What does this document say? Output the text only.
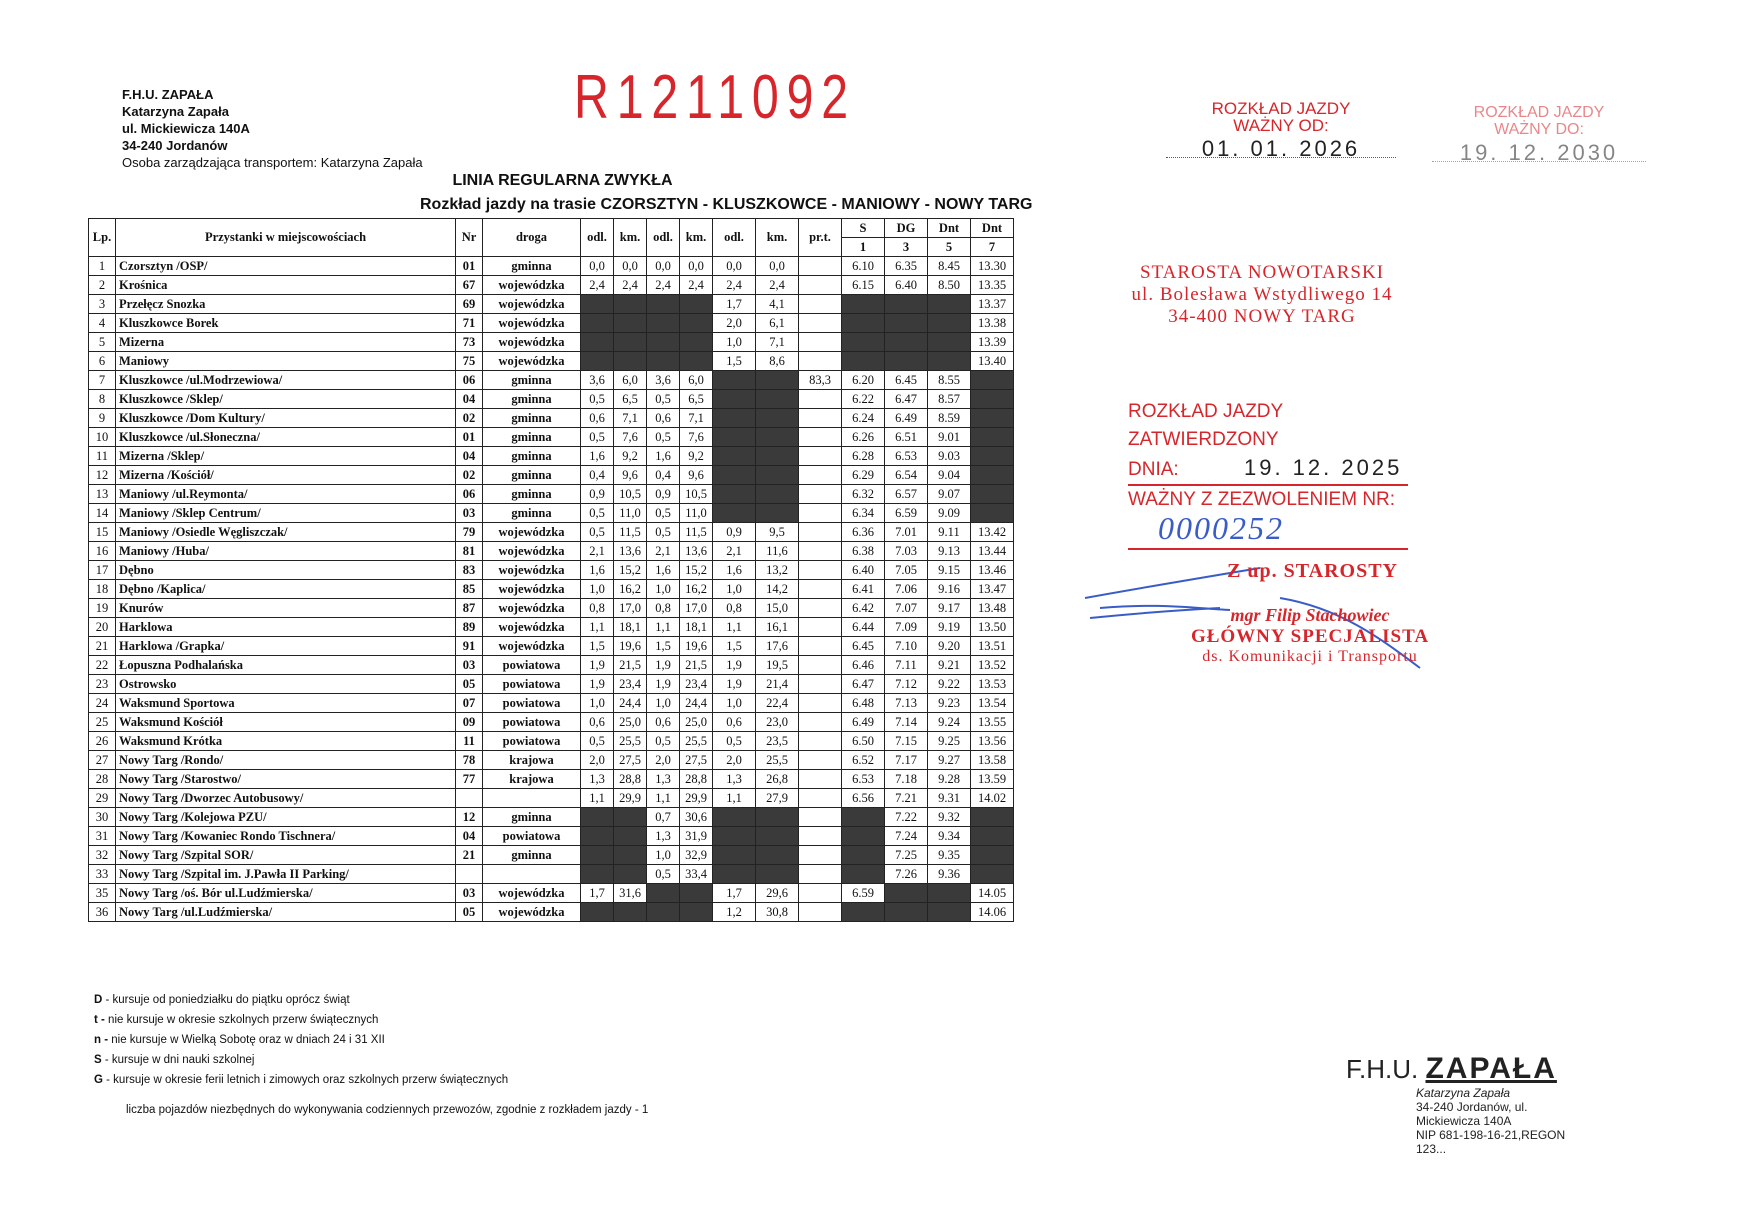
F.H.U. ZAPAŁA
Katarzyna Zapała
ul. Mickiewicza 140A
34-240 Jordanów
Osoba zarządzająca transportem: Katarzyna Zapała
R1211092
LINIA REGULARNA ZWYKŁA
Rozkład jazdy na trasie CZORSZTYN - KLUSZKOWCE - MANIOWY - NOWY TARG
Lp.	Przystanki w miejscowościach	Nr	droga	odl.	km.	odl.	km.	odl.	km.	pr.t.	S	DG	Dnt	Dnt
											1	3	5	7
1	Czorsztyn /OSP/	01	gminna	0,0	0,0	0,0	0,0	0,0	0,0		6.10	6.35	8.45	13.30
2	Krośnica	67	wojewódzka	2,4	2,4	2,4	2,4	2,4	2,4		6.15	6.40	8.50	13.35
3	Przełęcz Snozka	69	wojewódzka					1,7	4,1					13.37
4	Kluszkowce Borek	71	wojewódzka					2,0	6,1					13.38
5	Mizerna	73	wojewódzka					1,0	7,1					13.39
6	Maniowy	75	wojewódzka					1,5	8,6					13.40
7	Kluszkowce /ul.Modrzewiowa/	06	gminna	3,6	6,0	3,6	6,0			83,3	6.20	6.45	8.55	
8	Kluszkowce /Sklep/	04	gminna	0,5	6,5	0,5	6,5				6.22	6.47	8.57	
9	Kluszkowce /Dom Kultury/	02	gminna	0,6	7,1	0,6	7,1				6.24	6.49	8.59	
10	Kluszkowce /ul.Słoneczna/	01	gminna	0,5	7,6	0,5	7,6				6.26	6.51	9.01	
11	Mizerna /Sklep/	04	gminna	1,6	9,2	1,6	9,2				6.28	6.53	9.03	
12	Mizerna /Kościół/	02	gminna	0,4	9,6	0,4	9,6				6.29	6.54	9.04	
13	Maniowy /ul.Reymonta/	06	gminna	0,9	10,5	0,9	10,5				6.32	6.57	9.07	
14	Maniowy /Sklep Centrum/	03	gminna	0,5	11,0	0,5	11,0				6.34	6.59	9.09	
15	Maniowy /Osiedle Węgliszczak/	79	wojewódzka	0,5	11,5	0,5	11,5	0,9	9,5		6.36	7.01	9.11	13.42
16	Maniowy /Huba/	81	wojewódzka	2,1	13,6	2,1	13,6	2,1	11,6		6.38	7.03	9.13	13.44
17	Dębno	83	wojewódzka	1,6	15,2	1,6	15,2	1,6	13,2		6.40	7.05	9.15	13.46
18	Dębno /Kaplica/	85	wojewódzka	1,0	16,2	1,0	16,2	1,0	14,2		6.41	7.06	9.16	13.47
19	Knurów	87	wojewódzka	0,8	17,0	0,8	17,0	0,8	15,0		6.42	7.07	9.17	13.48
20	Harklowa	89	wojewódzka	1,1	18,1	1,1	18,1	1,1	16,1		6.44	7.09	9.19	13.50
21	Harklowa /Grapka/	91	wojewódzka	1,5	19,6	1,5	19,6	1,5	17,6		6.45	7.10	9.20	13.51
22	Łopuszna Podhalańska	03	powiatowa	1,9	21,5	1,9	21,5	1,9	19,5		6.46	7.11	9.21	13.52
23	Ostrowsko	05	powiatowa	1,9	23,4	1,9	23,4	1,9	21,4		6.47	7.12	9.22	13.53
24	Waksmund Sportowa	07	powiatowa	1,0	24,4	1,0	24,4	1,0	22,4		6.48	7.13	9.23	13.54
25	Waksmund Kościół	09	powiatowa	0,6	25,0	0,6	25,0	0,6	23,0		6.49	7.14	9.24	13.55
26	Waksmund Krótka	11	powiatowa	0,5	25,5	0,5	25,5	0,5	23,5		6.50	7.15	9.25	13.56
27	Nowy Targ /Rondo/	78	krajowa	2,0	27,5	2,0	27,5	2,0	25,5		6.52	7.17	9.27	13.58
28	Nowy Targ /Starostwo/	77	krajowa	1,3	28,8	1,3	28,8	1,3	26,8		6.53	7.18	9.28	13.59
29	Nowy Targ /Dworzec Autobusowy/			1,1	29,9	1,1	29,9	1,1	27,9		6.56	7.21	9.31	14.02
30	Nowy Targ /Kolejowa PZU/	12	gminna			0,7	30,6					7.22	9.32	
31	Nowy Targ /Kowaniec Rondo Tischnera/	04	powiatowa			1,3	31,9					7.24	9.34	
32	Nowy Targ /Szpital SOR/	21	gminna			1,0	32,9					7.25	9.35	
33	Nowy Targ /Szpital im. J.Pawła II Parking/					0,5	33,4					7.26	9.36	
35	Nowy Targ /oś. Bór ul.Ludźmierska/	03	wojewódzka	1,7	31,6			1,7	29,6		6.59			14.05
36	Nowy Targ /ul.Ludźmierska/	05	wojewódzka					1,2	30,8					14.06
D - kursuje od poniedziałku do piątku oprócz świąt
t - nie kursuje w okresie szkolnych przerw świątecznych
n - nie kursuje w Wielką Sobotę oraz w dniach 24 i 31 XII
S - kursuje w dni nauki szkolnej
G - kursuje w okresie ferii letnich i zimowych oraz szkolnych przerw świątecznych
liczba pojazdów niezbędnych do wykonywania codziennych przewozów, zgodnie z rozkładem jazdy - 1
ROZKŁAD JAZDY
WAŻNY OD:
01. 01. 2026
ROZKŁAD JAZDY
WAŻNY DO:
19. 12. 2030
STAROSTA NOWOTARSKI
ul. Bolesława Wstydliwego 14
34-400 NOWY TARG
ROZKŁAD JAZDY ZATWIERDZONY
DNIA:	19. 12. 2025
WAŻNY Z ZEZWOLENIEM NR:
0000252
Z up. STAROSTY
mgr Filip Stachowiec
GŁÓWNY SPECJALISTA
ds. Komunikacji i Transportu
F.H.U. ZAPAŁA
Katarzyna Zapała
34-240 Jordanów, ul. Mickiewicza 140A
NIP 681-198-16-21,REGON 123...
